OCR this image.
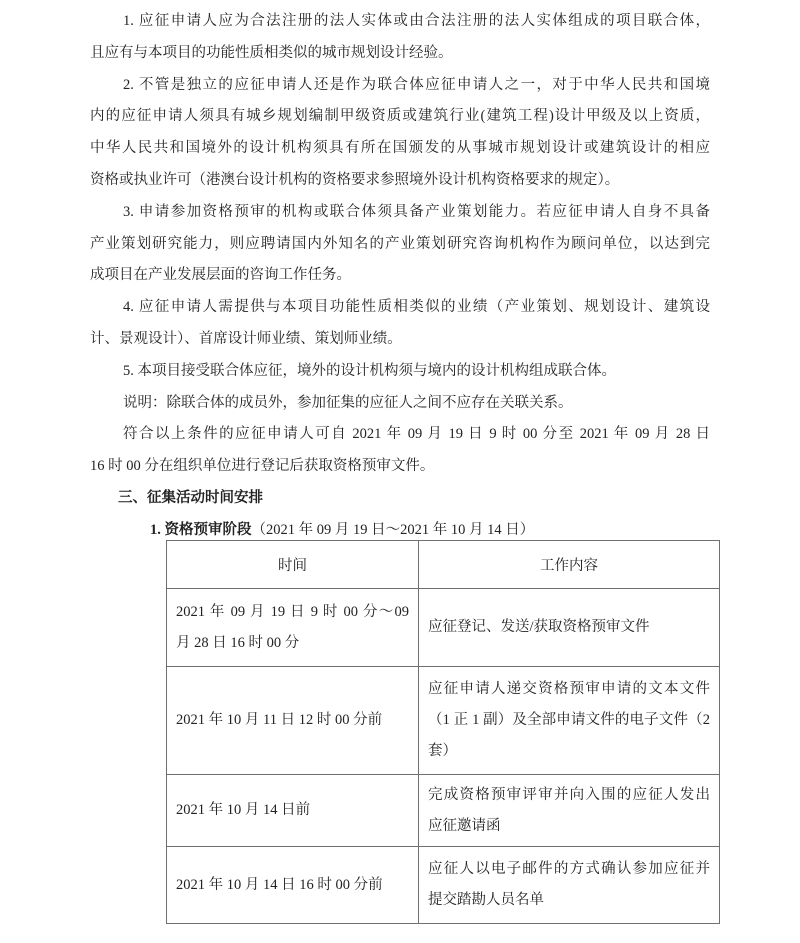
1. 应征申请人应为合法注册的法人实体或由合法注册的法人实体组成的项目联合体，
且应有与本项目的功能性质相类似的城市规划设计经验。
2. 不管是独立的应征申请人还是作为联合体应征申请人之一，对于中华人民共和国境
内的应征申请人须具有城乡规划编制甲级资质或建筑行业(建筑工程)设计甲级及以上资质，
中华人民共和国境外的设计机构须具有所在国颁发的从事城市规划设计或建筑设计的相应
资格或执业许可（港澳台设计机构的资格要求参照境外设计机构资格要求的规定）。
3. 申请参加资格预审的机构或联合体须具备产业策划能力。若应征申请人自身不具备
产业策划研究能力，则应聘请国内外知名的产业策划研究咨询机构作为顾问单位，以达到完
成项目在产业发展层面的咨询工作任务。
4. 应征申请人需提供与本项目功能性质相类似的业绩（产业策划、规划设计、建筑设
计、景观设计）、首席设计师业绩、策划师业绩。
5. 本项目接受联合体应征，境外的设计机构须与境内的设计机构组成联合体。
说明：除联合体的成员外，参加征集的应征人之间不应存在关联关系。
符合以上条件的应征申请人可自 2021 年 09 月 19 日 9 时 00 分至 2021 年 09 月 28 日
16 时 00 分在组织单位进行登记后获取资格预审文件。
三、征集活动时间安排
1. 资格预审阶段（2021 年 09 月 19 日～2021 年 10 月 14 日）
时间	工作内容

2021 年 09 月 19 日 9 时 00 分～09
月 28 日 16 时 00 分	应征登记、发送/获取资格预审文件

2021 年 10 月 11 日 12 时 00 分前	应征申请人递交资格预审申请的文本文件
（1 正 1 副）及全部申请文件的电子文件（2
套）

2021 年 10 月 14 日前	完成资格预审评审并向入围的应征人发出
应征邀请函

2021 年 10 月 14 日 16 时 00 分前	应征人以电子邮件的方式确认参加应征并
提交踏勘人员名单
